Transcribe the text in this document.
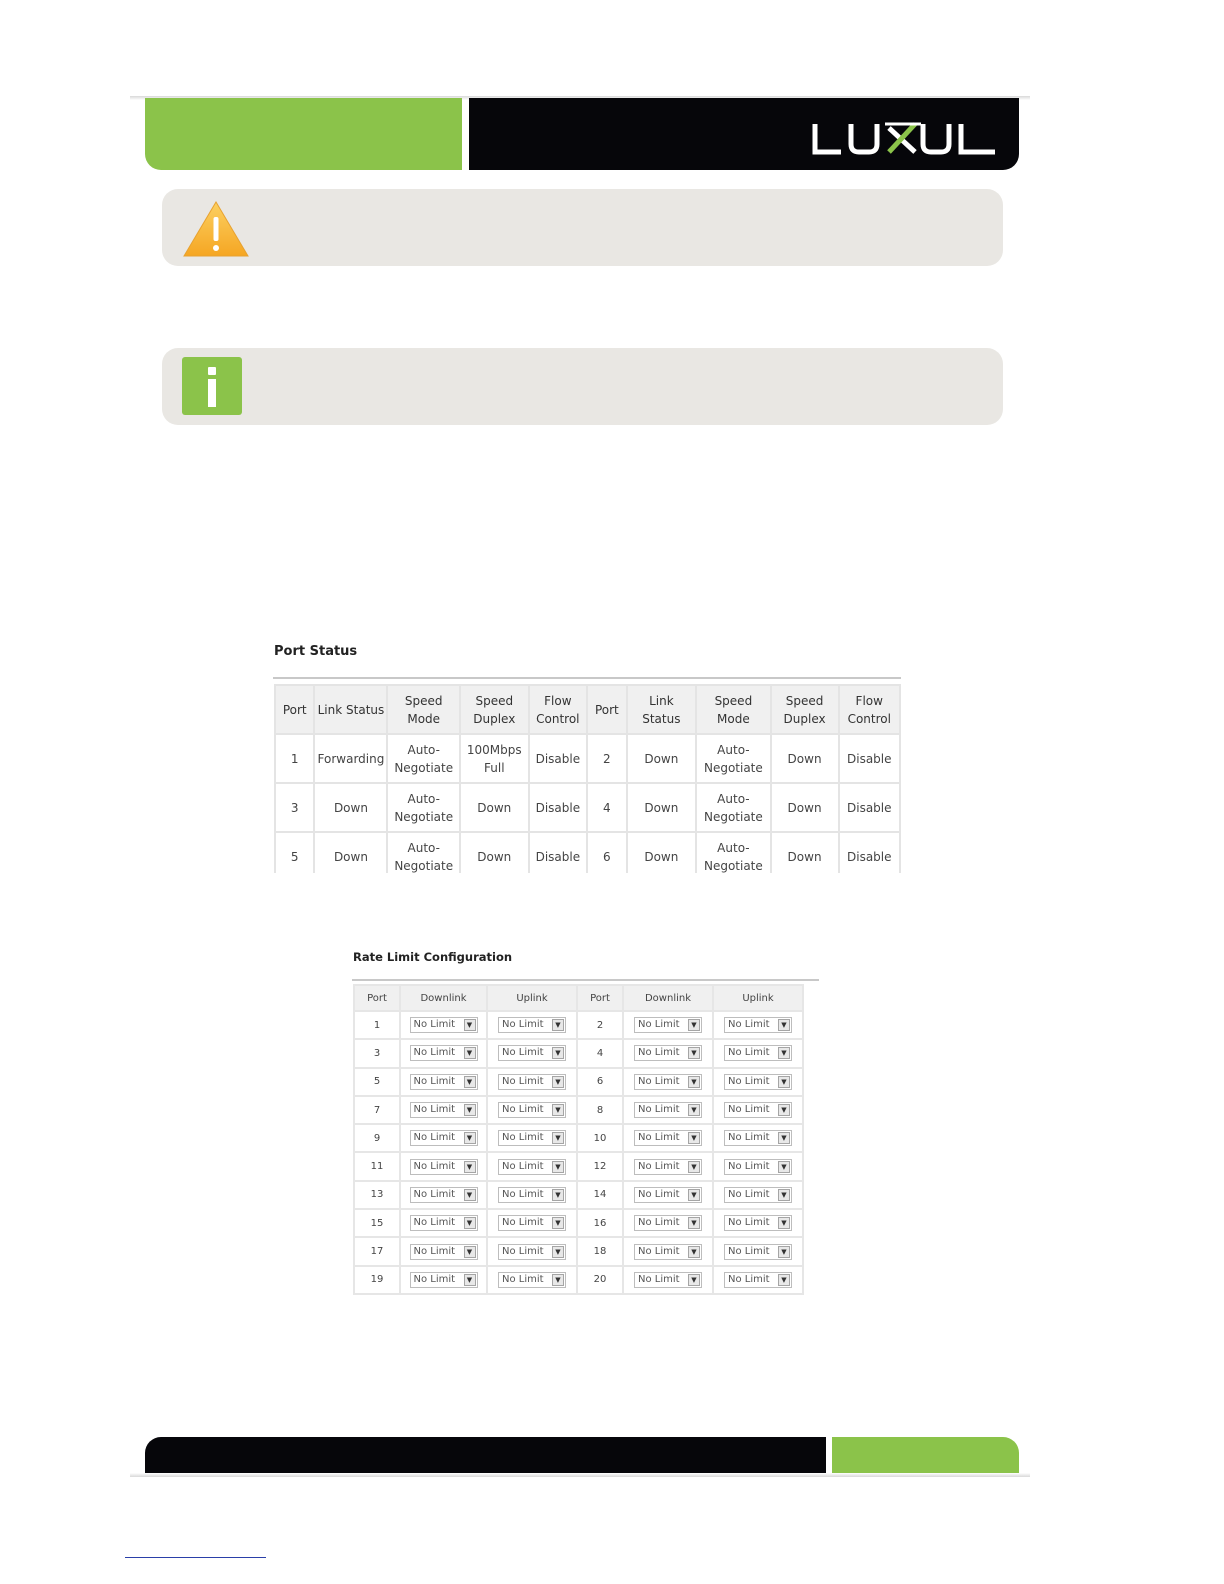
Port Status
Port	Link Status	Speed Mode	Speed Duplex	Flow Control	Port	Link Status	Speed Mode	Speed Duplex	Flow Control
1	Forwarding	Auto-Negotiate	100Mbps Full	Disable	2	Down	Auto-Negotiate	Down	Disable
3	Down	Auto-Negotiate	Down	Disable	4	Down	Auto-Negotiate	Down	Disable
5	Down	Auto-Negotiate	Down	Disable	6	Down	Auto-Negotiate	Down	Disable
Rate Limit Configuration
Port	Downlink	Uplink	Port	Downlink	Uplink
1	No Limit ▼	No Limit ▼	2	No Limit ▼	No Limit ▼

3	No Limit ▼	No Limit ▼	4	No Limit ▼	No Limit ▼

5	No Limit ▼	No Limit ▼	6	No Limit ▼	No Limit ▼

7	No Limit ▼	No Limit ▼	8	No Limit ▼	No Limit ▼

9	No Limit ▼	No Limit ▼	10	No Limit ▼	No Limit ▼

11	No Limit ▼	No Limit ▼	12	No Limit ▼	No Limit ▼

13	No Limit ▼	No Limit ▼	14	No Limit ▼	No Limit ▼

15	No Limit ▼	No Limit ▼	16	No Limit ▼	No Limit ▼

17	No Limit ▼	No Limit ▼	18	No Limit ▼	No Limit ▼

19	No Limit ▼	No Limit ▼	20	No Limit ▼	No Limit ▼
